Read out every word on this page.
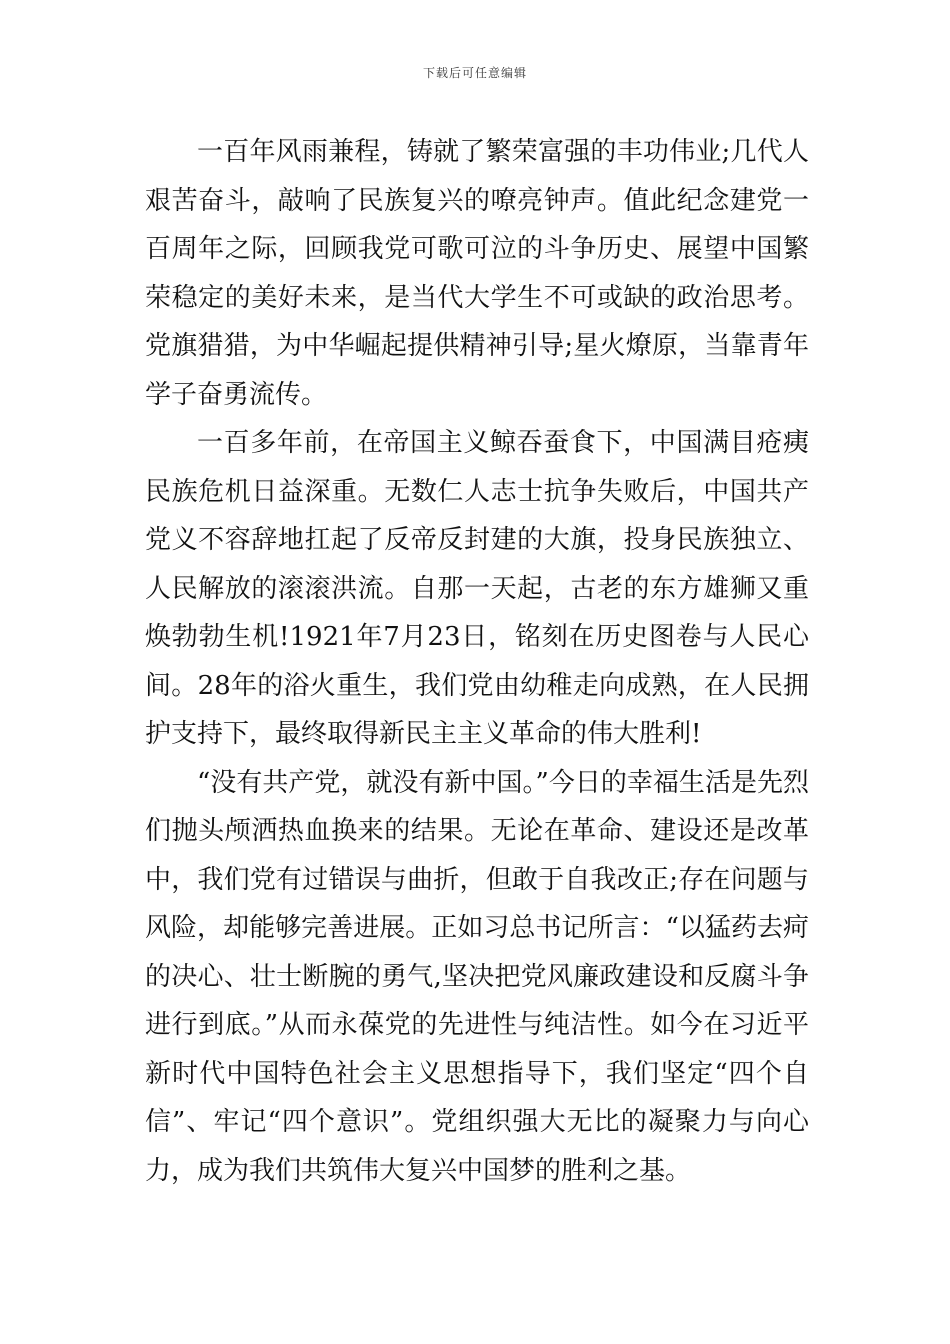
下载后可任意编辑

一百年风雨兼程，铸就了繁荣富强的丰功伟业;几代人艰苦奋斗，敲响了民族复兴的嘹亮钟声。值此纪念建党一百周年之际，回顾我党可歌可泣的斗争历史、展望中国繁荣稳定的美好未来，是当代大学生不可或缺的政治思考。党旗猎猎，为中华崛起提供精神引导;星火燎原，当靠青年学子奋勇流传。

一百多年前，在帝国主义鲸吞蚕食下，中国满目疮痍民族危机日益深重。无数仁人志士抗争失败后，中国共产党义不容辞地扛起了反帝反封建的大旗，投身民族独立、人民解放的滚滚洪流。自那一天起，古老的东方雄狮又重焕勃勃生机!1921年7月23日，铭刻在历史图卷与人民心间。28年的浴火重生，我们党由幼稚走向成熟，在人民拥护支持下，最终取得新民主主义革命的伟大胜利!

“没有共产党，就没有新中国。”今日的幸福生活是先烈们抛头颅洒热血换来的结果。无论在革命、建设还是改革中，我们党有过错误与曲折，但敢于自我改正;存在问题与风险，却能够完善进展。正如习总书记所言：“以猛药去疴的决心、壮士断腕的勇气,坚决把党风廉政建设和反腐斗争进行到底。”从而永葆党的先进性与纯洁性。如今在习近平新时代中国特色社会主义思想指导下，我们坚定“四个自信”、牢记“四个意识”。党组织强大无比的凝聚力与向心力，成为我们共筑伟大复兴中国梦的胜利之基。
